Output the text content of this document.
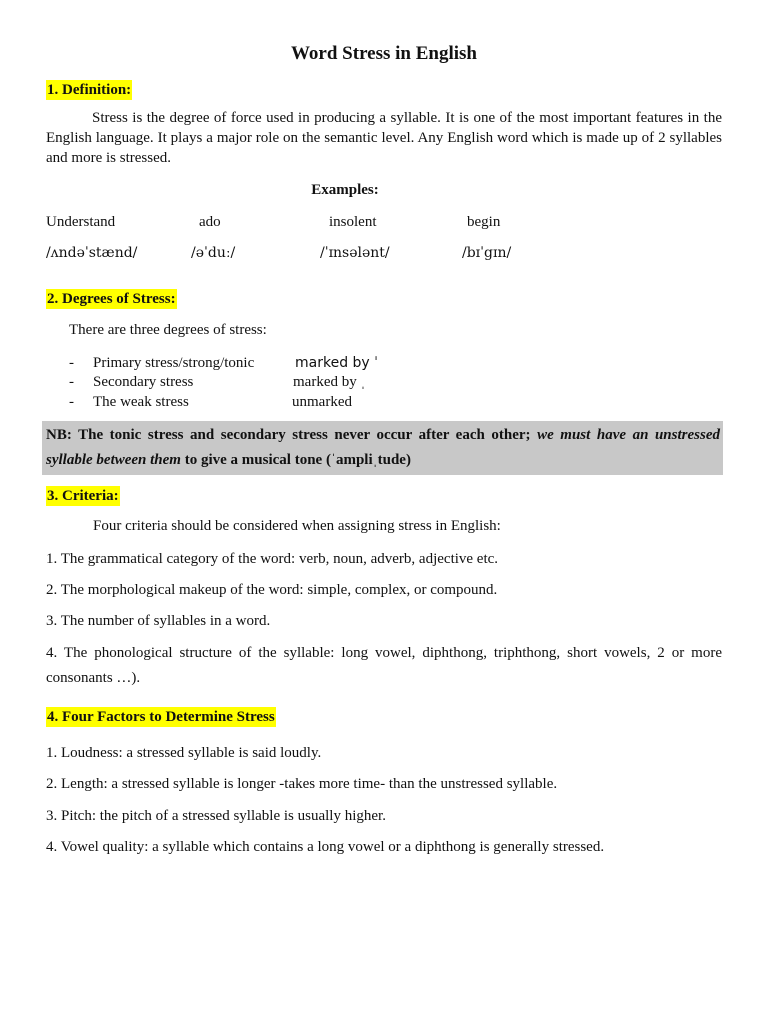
Word Stress in English
1. Definition:

Stress is the degree of force used in producing a syllable. It is one of the most important features in the English language. It plays a major role on the semantic level. Any English word which is made up of 2 syllables and more is stressed.

Examples:
Understand	ado	insolent	begin
/ʌndəˈstænd/	/əˈduː/	/ˈɪnsələnt/	/bɪˈgɪn/
2. Degrees of Stress:
There are three degrees of stress:
- Primary stress/strong/tonic	marked by ˈ
- Secondary stress	marked by ˌ
- The weak stress	unmarked
NB: The tonic stress and secondary stress never occur after each other; we must have an unstressed syllable between them to give a musical tone (ˈampliˌtude)
3. Criteria:
Four criteria should be considered when assigning stress in English:
1. The grammatical category of the word: verb, noun, adverb, adjective etc.
2. The morphological makeup of the word: simple, complex, or compound.
3. The number of syllables in a word.
4. The phonological structure of the syllable: long vowel, diphthong, triphthong, short vowels, 2 or more
consonants …).
4. Four Factors to Determine Stress
1. Loudness: a stressed syllable is said loudly.
2. Length: a stressed syllable is longer -takes more time- than the unstressed syllable.
3. Pitch: the pitch of a stressed syllable is usually higher.
4. Vowel quality: a syllable which contains a long vowel or a diphthong is generally stressed.
